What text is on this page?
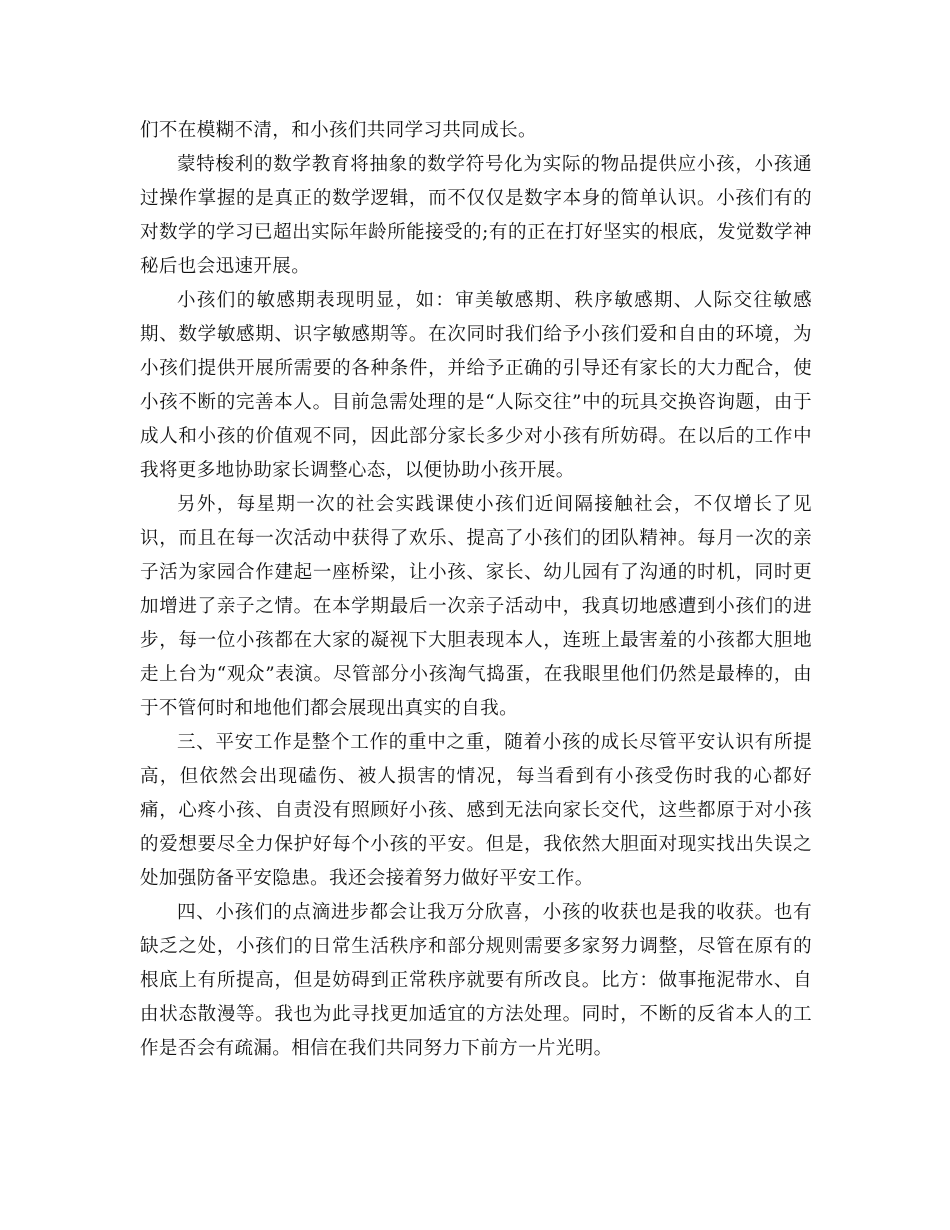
们不在模糊不清，和小孩们共同学习共同成长。

蒙特梭利的数学教育将抽象的数学符号化为实际的物品提供应小孩，小孩通过操作掌握的是真正的数学逻辑，而不仅仅是数字本身的简单认识。小孩们有的对数学的学习已超出实际年龄所能接受的;有的正在打好坚实的根底，发觉数学神秘后也会迅速开展。

小孩们的敏感期表现明显，如：审美敏感期、秩序敏感期、人际交往敏感期、数学敏感期、识字敏感期等。在次同时我们给予小孩们爱和自由的环境，为小孩们提供开展所需要的各种条件，并给予正确的引导还有家长的大力配合，使小孩不断的完善本人。目前急需处理的是“人际交往”中的玩具交换咨询题，由于成人和小孩的价值观不同，因此部分家长多少对小孩有所妨碍。在以后的工作中我将更多地协助家长调整心态，以便协助小孩开展。

另外，每星期一次的社会实践课使小孩们近间隔接触社会，不仅增长了见识，而且在每一次活动中获得了欢乐、提高了小孩们的团队精神。每月一次的亲子活为家园合作建起一座桥梁，让小孩、家长、幼儿园有了沟通的时机，同时更加增进了亲子之情。在本学期最后一次亲子活动中，我真切地感遭到小孩们的进步，每一位小孩都在大家的凝视下大胆表现本人，连班上最害羞的小孩都大胆地走上台为“观众”表演。尽管部分小孩淘气捣蛋，在我眼里他们仍然是最棒的，由于不管何时和地他们都会展现出真实的自我。

三、平安工作是整个工作的重中之重，随着小孩的成长尽管平安认识有所提高，但依然会出现磕伤、被人损害的情况，每当看到有小孩受伤时我的心都好痛，心疼小孩、自责没有照顾好小孩、感到无法向家长交代，这些都原于对小孩的爱想要尽全力保护好每个小孩的平安。但是，我依然大胆面对现实找出失误之处加强防备平安隐患。我还会接着努力做好平安工作。

四、小孩们的点滴进步都会让我万分欣喜，小孩的收获也是我的收获。也有缺乏之处，小孩们的日常生活秩序和部分规则需要多家努力调整，尽管在原有的根底上有所提高，但是妨碍到正常秩序就要有所改良。比方：做事拖泥带水、自由状态散漫等。我也为此寻找更加适宜的方法处理。同时，不断的反省本人的工作是否会有疏漏。相信在我们共同努力下前方一片光明。
